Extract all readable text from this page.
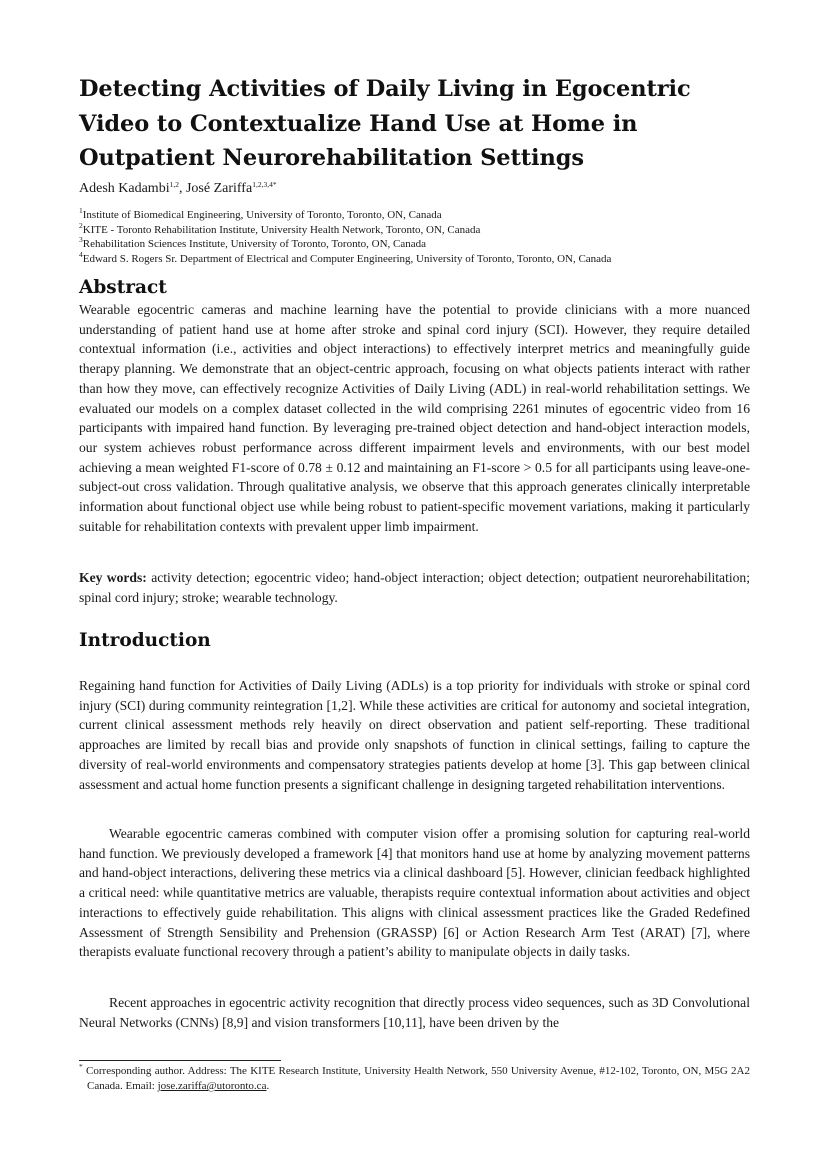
Detecting Activities of Daily Living in Egocentric Video to Contextualize Hand Use at Home in Outpatient Neurorehabilitation Settings
Adesh Kadambi$^{1,2}$, José Zariffa$^{1,2,3,4*}$
$^1$Institute of Biomedical Engineering, University of Toronto, Toronto, ON, Canada
$^2$KITE - Toronto Rehabilitation Institute, University Health Network, Toronto, ON, Canada
$^3$Rehabilitation Sciences Institute, University of Toronto, Toronto, ON, Canada
$^4$Edward S. Rogers Sr. Department of Electrical and Computer Engineering, University of Toronto, Toronto, ON, Canada
Abstract

Wearable egocentric cameras and machine learning have the potential to provide clinicians with a more nuanced understanding of patient hand use at home after stroke and spinal cord injury (SCI). However, they require detailed contextual information (i.e., activities and object interactions) to effectively interpret metrics and meaningfully guide therapy planning. We demonstrate that an object-centric approach, focusing on what objects patients interact with rather than how they move, can effectively recognize Activities of Daily Living (ADL) in real-world rehabilitation settings. We evaluated our models on a complex dataset collected in the wild comprising 2261 minutes of egocentric video from 16 participants with impaired hand function. By leveraging pre-trained object detection and hand-object interaction models, our system achieves robust performance across different impairment levels and environments, with our best model achieving a mean weighted F1-score of 0.78 ± 0.12 and maintaining an F1-score > 0.5 for all participants using leave-one-subject-out cross validation. Through qualitative analysis, we observe that this approach generates clinically interpretable information about functional object use while being robust to patient-specific movement variations, making it particularly suitable for rehabilitation contexts with prevalent upper limb impairment.

Key words: activity detection; egocentric video; hand-object interaction; object detection; outpatient neurorehabilitation; spinal cord injury; stroke; wearable technology.

Introduction

Regaining hand function for Activities of Daily Living (ADLs) is a top priority for individuals with stroke or spinal cord injury (SCI) during community reintegration [1,2]. While these activities are critical for autonomy and societal integration, current clinical assessment methods rely heavily on direct observation and patient self-reporting. These traditional approaches are limited by recall bias and provide only snapshots of function in clinical settings, failing to capture the diversity of real-world environments and compensatory strategies patients develop at home [3]. This gap between clinical assessment and actual home function presents a significant challenge in designing targeted rehabilitation interventions.

Wearable egocentric cameras combined with computer vision offer a promising solution for capturing real-world hand function. We previously developed a framework [4] that monitors hand use at home by analyzing movement patterns and hand-object interactions, delivering these metrics via a clinical dashboard [5]. However, clinician feedback highlighted a critical need: while quantitative metrics are valuable, therapists require contextual information about activities and object interactions to effectively guide rehabilitation. This aligns with clinical assessment practices like the Graded Redefined Assessment of Strength Sensibility and Prehension (GRASSP) [6] or Action Research Arm Test (ARAT) [7], where therapists evaluate functional recovery through a patient’s ability to manipulate objects in daily tasks.

Recent approaches in egocentric activity recognition that directly process video sequences, such as 3D Convolutional Neural Networks (CNNs) [8,9] and vision transformers [10,11], have been driven by the

* Corresponding author. Address: The KITE Research Institute, University Health Network, 550 University Avenue, #12-102, Toronto, ON, M5G 2A2 Canada. Email: jose.zariffa@utoronto.ca.
